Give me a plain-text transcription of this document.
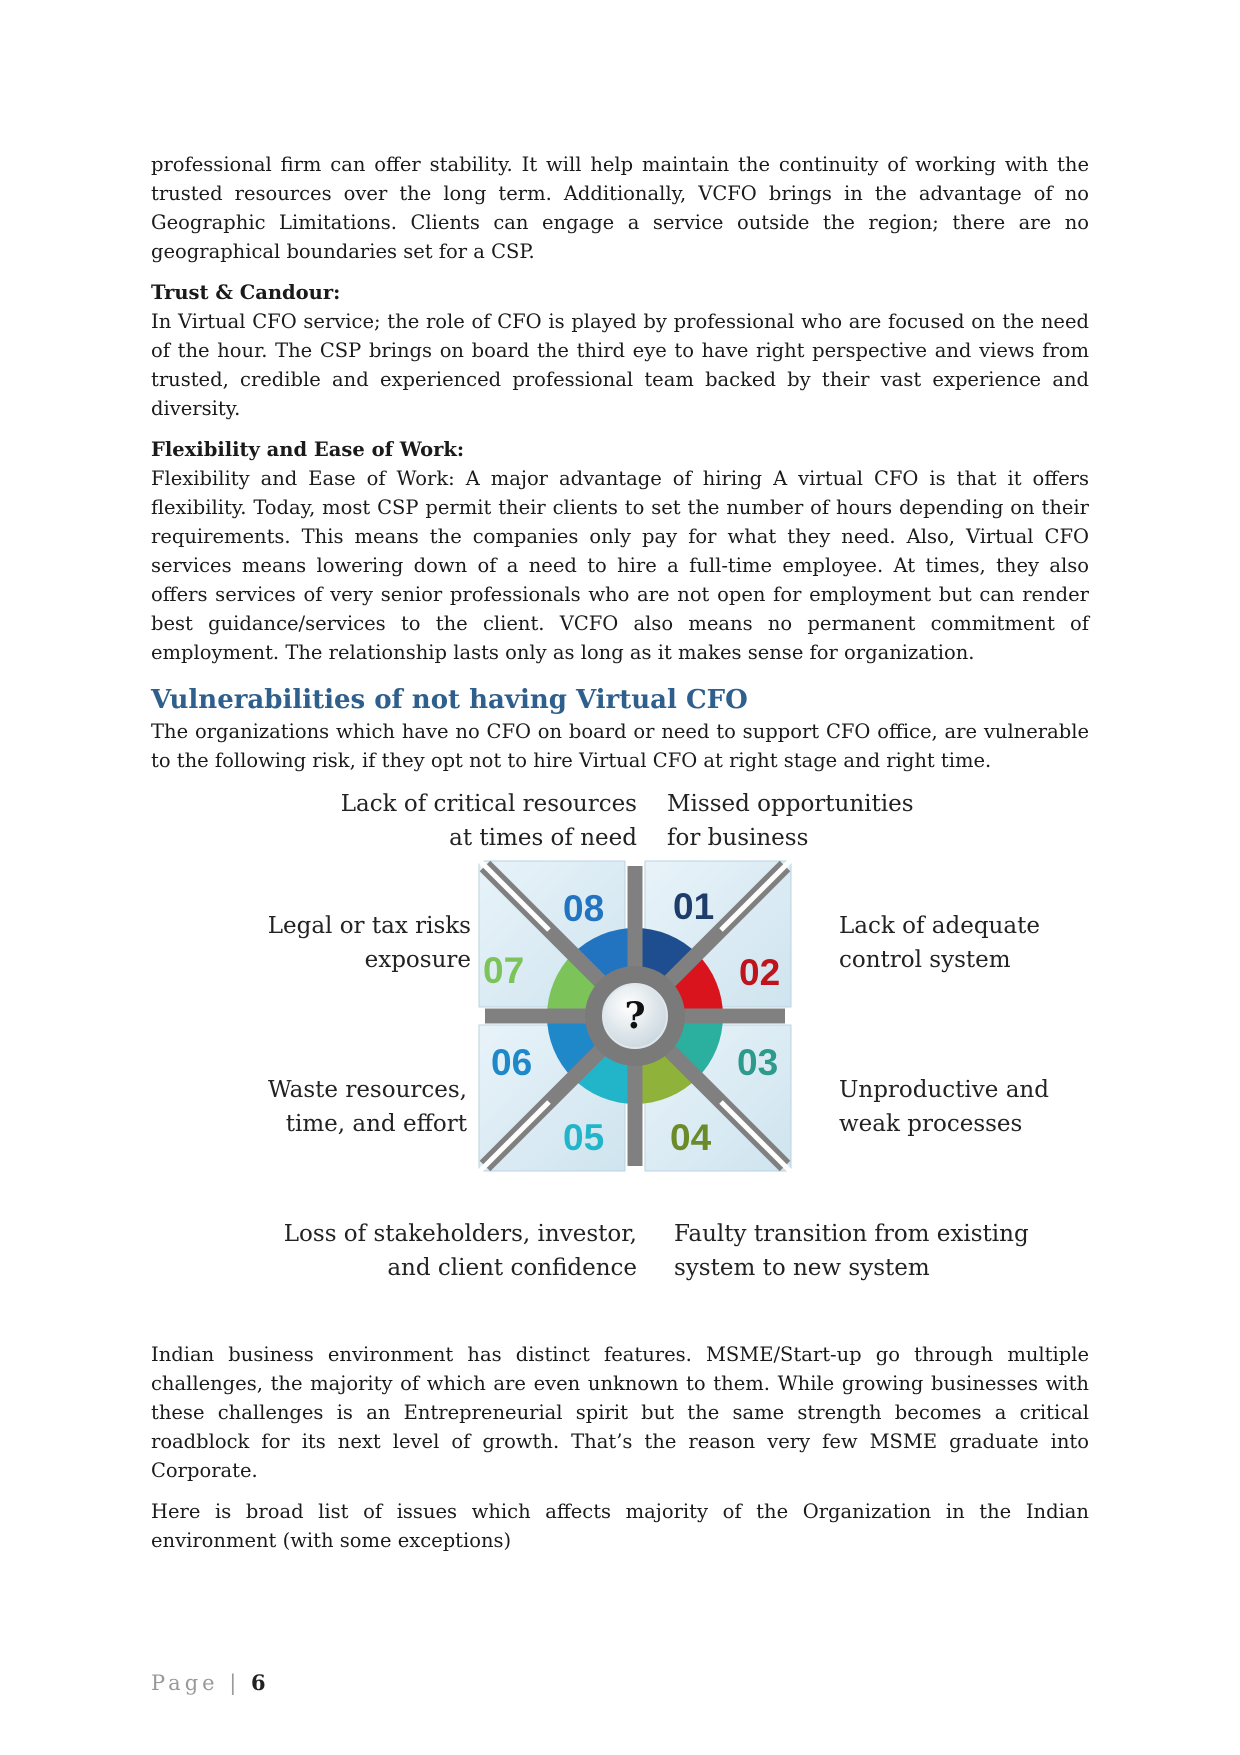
professional firm can offer stability. It will help maintain the continuity of working with the trusted resources over the long term. Additionally, VCFO brings in the advantage of no Geographic Limitations. Clients can engage a service outside the region; there are no geographical boundaries set for a CSP.

Trust & Candour:

In Virtual CFO service; the role of CFO is played by professional who are focused on the need of the hour. The CSP brings on board the third eye to have right perspective and views from trusted, credible and experienced professional team backed by their vast experience and diversity.

Flexibility and Ease of Work:

Flexibility and Ease of Work: A major advantage of hiring A virtual CFO is that it offers flexibility. Today, most CSP permit their clients to set the number of hours depending on their requirements. This means the companies only pay for what they need. Also, Virtual CFO services means lowering down of a need to hire a full-time employee. At times, they also offers services of very senior professionals who are not open for employment but can render best guidance/services to the client. VCFO also means no permanent commitment of employment. The relationship lasts only as long as it makes sense for organization.

Vulnerabilities of not having Virtual CFO

The organizations which have no CFO on board or need to support CFO office, are vulnerable to the following risk, if they opt not to hire Virtual CFO at right stage and right time.

Lack of critical resources
at times of need
Missed opportunities
for business
Lack of adequate
control system
Legal or tax risks
exposure
Waste resources,
time, and effort
Unproductive and
weak processes
Loss of stakeholders, investor,
and client confidence
Faulty transition from existing
system to new system
?
08 01
02
07
06	03
05 04

Indian business environment has distinct features. MSME/Start-up go through multiple challenges, the majority of which are even unknown to them. While growing businesses with these challenges is an Entrepreneurial spirit but the same strength becomes a critical roadblock for its next level of growth. That’s the reason very few MSME graduate into Corporate.

Here is broad list of issues which affects majority of the Organization in the Indian environment (with some exceptions)

Page | 6
